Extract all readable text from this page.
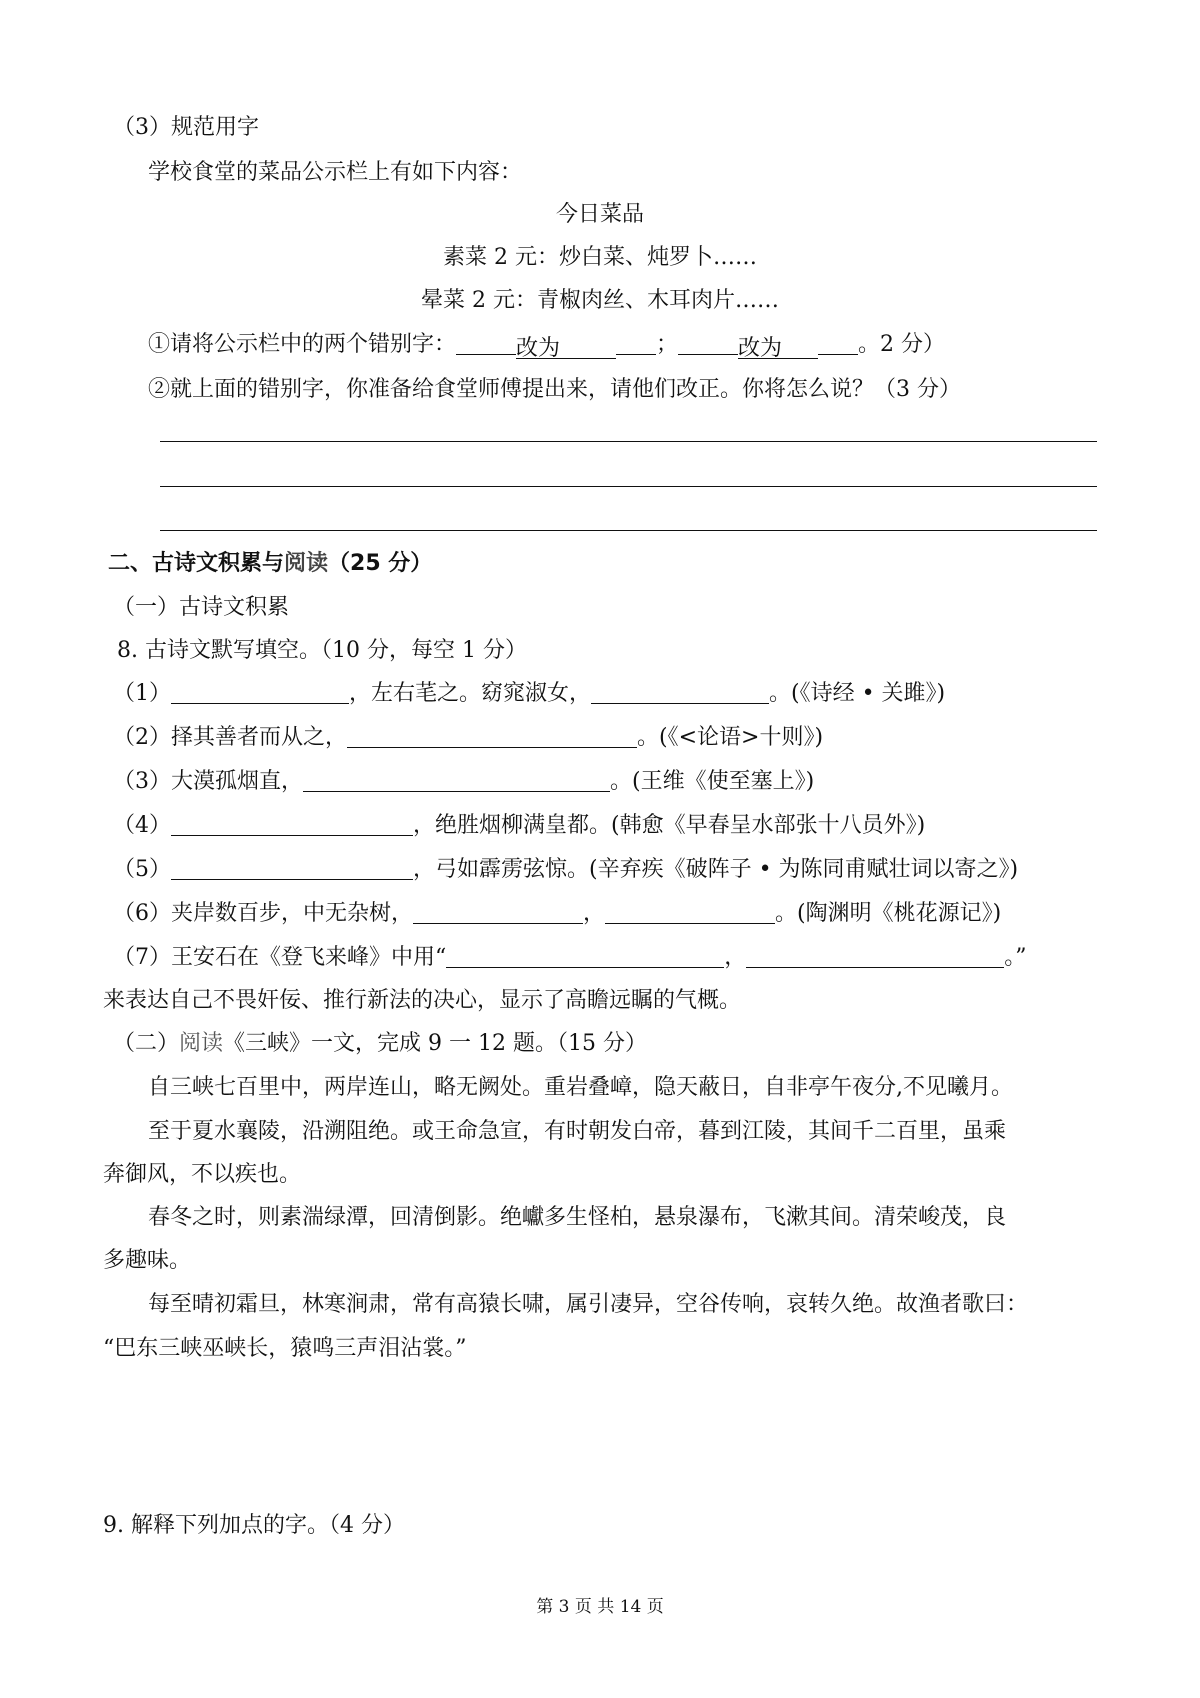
（3）规范用字
学校食堂的菜品公示栏上有如下内容：
今日菜品
素菜 2 元：炒白菜、炖罗卜……
晕菜 2 元：青椒肉丝、木耳肉片……
①请将公示栏中的两个错别字：	改为	；	改为	。2 分）
②就上面的错别字，你准备给食堂师傅提出来，请他们改正。你将怎么说？（3 分）
二、古诗文积累与阅读（25 分）
（一）古诗文积累
8. 古诗文默写填空。（10 分，每空 1 分）
（1）	，左右芼之。窈窕淑女，	。(《诗经 • 关雎》)
（2）择其善者而从之，	。(《<论语>十则》)
（3）大漠孤烟直，	。(王维《使至塞上》)
（4）	，绝胜烟柳满皇都。(韩愈《早春呈水部张十八员外》)
（5）	，弓如霹雳弦惊。(辛弃疾《破阵子 • 为陈同甫赋壮词以寄之》)
（6）夹岸数百步，中无杂树，	，	。(陶渊明《桃花源记》)
（7）王安石在《登飞来峰》中用“	，	。”
来表达自己不畏奸佞、推行新法的决心，显示了高瞻远瞩的气概。
（二）阅读《三峡》一文，完成 9 一 12 题。（15 分）
自三峡七百里中，两岸连山，略无阙处。重岩叠嶂，隐天蔽日，自非亭午夜分,不见曦月。
至于夏水襄陵，沿溯阻绝。或王命急宣，有时朝发白帝，暮到江陵，其间千二百里，虽乘
奔御风，不以疾也。
春冬之时，则素湍绿潭，回清倒影。绝巘多生怪柏，悬泉瀑布，飞漱其间。清荣峻茂，良
多趣味。
每至晴初霜旦，林寒涧肃，常有高猿长啸，属引凄异，空谷传响，哀转久绝。故渔者歌曰：
“巴东三峡巫峡长，猿鸣三声泪沾裳。”
9. 解释下列加点的字。（4 分）
第 3 页 共 14 页
